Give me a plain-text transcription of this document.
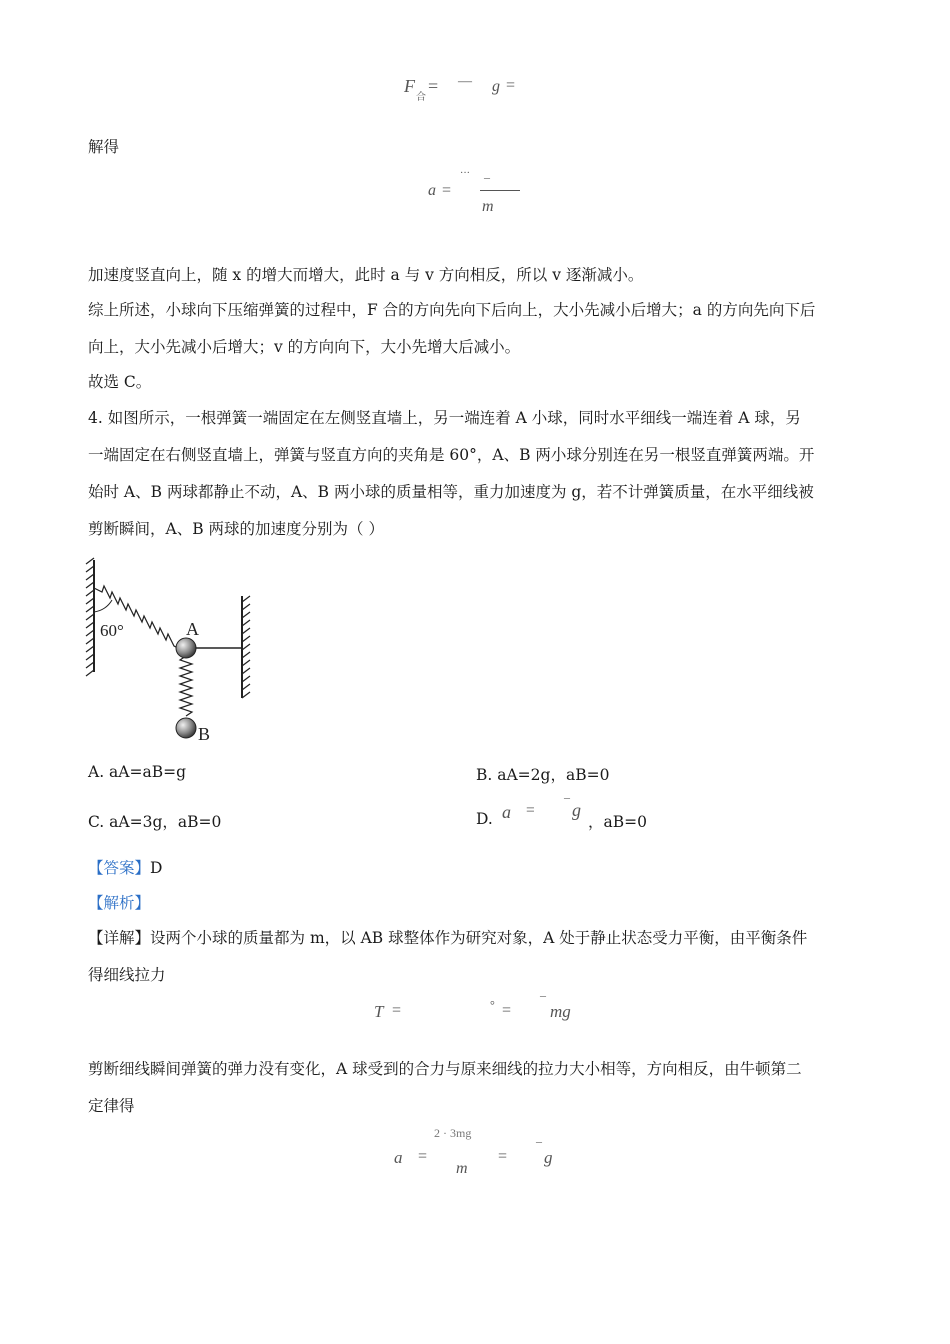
F
合
= — g =
解得
a =
··· –
m
加速度竖直向上，随 x 的增大而增大，此时 a 与 v 方向相反，所以 v 逐渐减小。
综上所述，小球向下压缩弹簧的过程中，F 合的方向先向下后向上，大小先减小后增大；a 的方向先向下后
向上，大小先减小后增大；v 的方向向下，大小先增大后减小。
故选 C。
4. 如图所示，一根弹簧一端固定在左侧竖直墙上，另一端连着 A 小球，同时水平细线一端连着 A 球，另
一端固定在右侧竖直墙上，弹簧与竖直方向的夹角是 60°，A、B 两小球分别连在另一根竖直弹簧两端。开
始时 A、B 两球都静止不动，A、B 两小球的质量相等，重力加速度为 g，若不计弹簧质量，在水平细线被
剪断瞬间，A、B 两球的加速度分别为（ ）
60°	A
B
A. aA=aB=g	B. aA=2g，aB=0
C. aA=3g，aB=0	D. a =
–
g
，aB=0
【答案】D
【解析】
【详解】设两个小球的质量都为 m，以 AB 球整体作为研究对象，A 处于静止状态受力平衡，由平衡条件
得细线拉力
T =	° =
–
mg
剪断细线瞬间弹簧的弹力没有变化，A 球受到的合力与原来细线的拉力大小相等，方向相反，由牛顿第二
定律得
a =
2 · 3mg
m
=
–
g
